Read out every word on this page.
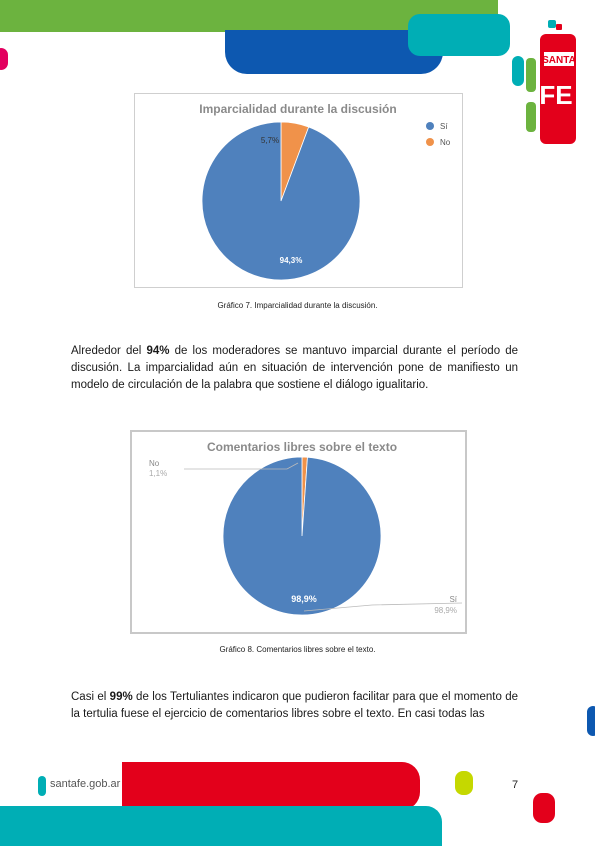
SANTA
FE
Imparcialidad durante la discusión
Sí
No
5,7%
94,3%
Gráfico 7. Imparcialidad durante la discusión.

Alrededor del 94% de los moderadores se mantuvo imparcial durante el período de discusión. La imparcialidad aún en situación de intervención pone de manifiesto un modelo de circulación de la palabra que sostiene el diálogo igualitario.

Comentarios libres sobre el texto
No
1,1%
Sí
98,9%
98,9%
Gráfico 8. Comentarios libres sobre el texto.

Casi el 99% de los Tertuliantes indicaron que pudieron facilitar para que el momento de la tertulia fuese el ejercicio de comentarios libres sobre el texto. En casi todas las

santafe.gob.ar	7
